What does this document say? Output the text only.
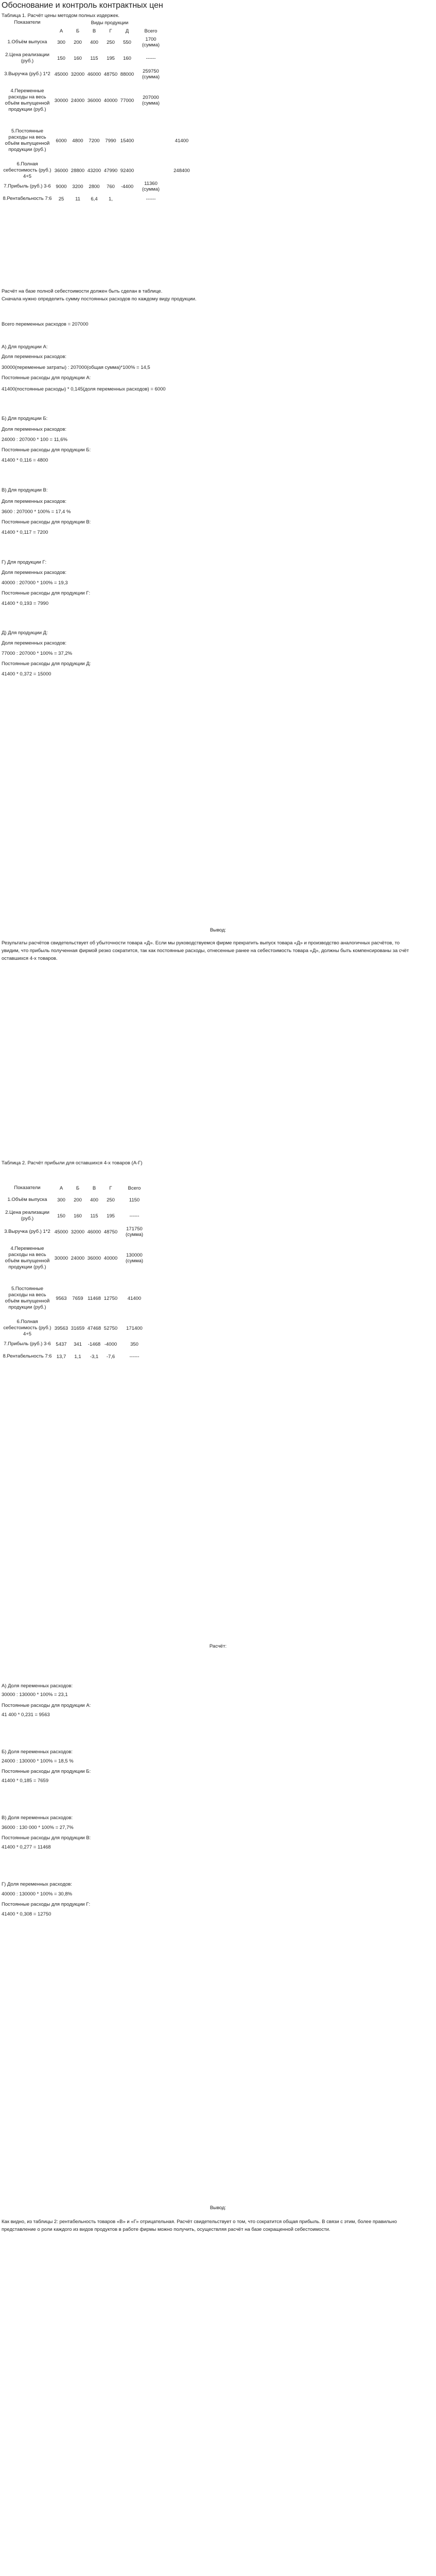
Обоснование и контроль контрактных цен
Таблица 1. Расчёт цены методом полных издержек.
Показатели	Виды продукции						
	А	Б	В	Г	Д	Всего	
1.Объём выпуска	300	200	400	250	550	1700 (сумма)	
2.Цена реализации (руб.)	150	160	115	195	160	------	
3.Выручка (руб.) 1*2	45000	32000	46000	48750	88000	259750 (сумма)	
4.Переменные расходы на весь объём выпущенной продукции (руб.)	30000	24000	36000	40000	77000	207000 (сумма)	
5.Постоянные расходы на весь объём выпущенной продукции (руб.)	6000	4800	7200	7990	15400		41400
6.Полная себестоимость (руб.) 4+5	36000	28800	43200	47990	92400		248400
7.Прибыль (руб.) 3-6	9000	3200	2800	760	-4400	11360 (сумма)	
8.Рентабельность 7:6	25	11	6,4	1,		------	
Расчёт на базе полной себестоимости должен быть сделан в таблице.
Сначала нужно определить сумму постоянных расходов по каждому виду продукции.
Всего переменных расходов = 207000
А) Для продукции А:
Доля переменных расходов:
30000(переменные затраты) : 207000(общая сумма)*100% = 14,5
Постоянные расходы для продукции А:
41400(постоянные расходы) * 0,145(доля переменных расходов) = 6000
Б) Для продукции Б:
Доля переменных расходов:
24000 : 207000 * 100 = 11,6%
Постоянные расходы для продукции Б:
41400 * 0,116 = 4800
В) Для продукции В:
Доля переменных расходов:
3600 : 207000 * 100% = 17,4 %
Постоянные расходы для продукции В:
41400 * 0,117 = 7200
Г) Для продукции Г:
Доля переменных расходов:
40000 : 207000 * 100% = 19,3
Постоянные расходы для продукции Г:
41400 * 0,193 = 7990
Д) Для продукции Д:
Доля переменных расходов:
77000 : 207000 * 100% = 37,2%
Постоянные расходы для продукции Д:
41400 * 0,372 = 15000
Вывод:
Результаты расчётов свидетельствует об убыточности товара «Д». Если мы руководствуемся фирме прекратить выпуск товара «Д» и производство аналогичных расчётов, то увидим, что прибыль полученная фирмой резко сократится, так как постоянные расходы, отнесенные ранее на себестоимость товара «Д», должны быть компенсированы за счёт оставшихся 4-х товаров.
Таблица 2. Расчёт прибыли для оставшихся 4-х товаров (А-Г)
Показатели	А	Б	В	Г	Всего
1.Объём выпуска	300	200	400	250	1150
2.Цена реализации (руб.)	150	160	115	195	------
3.Выручка (руб.) 1*2	45000	32000	46000	48750	171750 (сумма)
4.Переменные расходы на весь объём выпущенной продукции (руб.)	30000	24000	36000	40000	130000 (сумма)
5.Постоянные расходы на весь объём выпущенной продукции (руб.)	9563	7659	11468	12750	41400
6.Полная себестоимость (руб.) 4+5	39563	31659	47468	52750	171400
7.Прибыль (руб.) 3-6	5437	341	-1468	-4000	350
8.Рентабельность 7:6	13,7	1,1	-3,1	-7,6	------
Расчёт:
А) Доля переменных расходов:
30000 : 130000 * 100% = 23,1
Постоянные расходы для продукции А:
41 400 * 0,231 = 9563
Б) Доля переменных расходов:
24000 : 130000 * 100% = 18,5 %
Постоянные расходы для продукции Б:
41400 * 0,185 = 7659
В) Доля переменных расходов:
36000 : 130 000 * 100% = 27,7%
Постоянные расходы для продукции В:
41400 * 0,277 = 11468
Г) Доля переменных расходов:
40000 : 130000 * 100% = 30,8%
Постоянные расходы для продукции Г:
41400 * 0,308 = 12750
Вывод:
Как видно, из таблицы 2: рентабельность товаров «В» и «Г» отрицательная. Расчёт свидетельствует о том, что сократится общая прибыль. В связи с этим, более правильно представление о роли каждого из видов продуктов в работе фирмы можно получить, осуществляя расчёт на базе сокращенной себестоимости.
